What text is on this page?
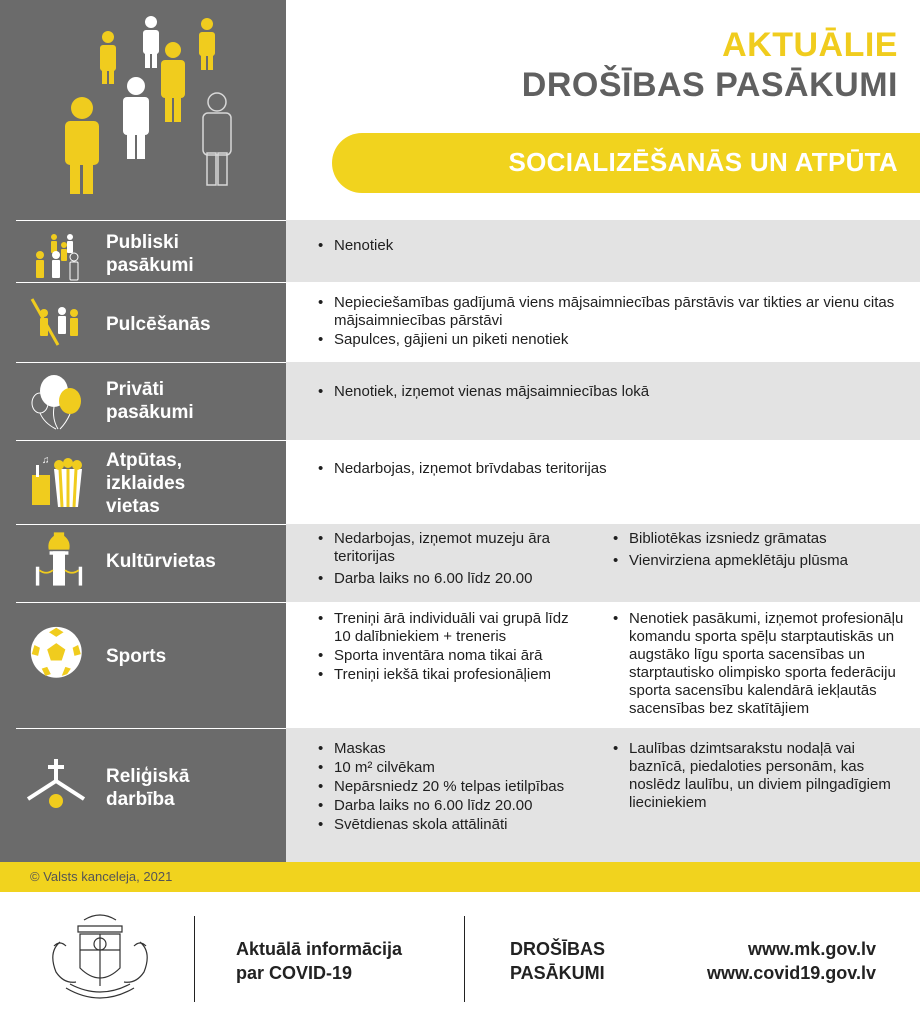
AKTUĀLIE
DROŠĪBAS PASĀKUMI
SOCIALIZĒŠANĀS UN ATPŪTA
Publiski
pasākumi
• Nenotiek
Pulcēšanās
• Nepieciešamības gadījumā viens mājsaimniecības pārstāvis var tikties ar vienu citas mājsaimniecības pārstāvi
• Sapulces, gājieni un piketi nenotiek
Privāti
pasākumi
• Nenotiek, izņemot vienas mājsaimniecības lokā
♫	Atpūtas,
izklaides
vietas
• Nedarbojas, izņemot brīvdabas teritorijas
Kultūrvietas
• Nedarbojas, izņemot muzeju āra teritorijas
• Darba laiks no 6.00 līdz 20.00
• Bibliotēkas izsniedz grāmatas
• Vienvirziena apmeklētāju plūsma
Sports
• Treniņi ārā individuāli vai grupā līdz 10 dalībniekiem + treneris
• Sporta inventāra noma tikai ārā
• Treniņi iekšā tikai profesionāļiem
• Nenotiek pasākumi, izņemot profesionāļu komandu sporta spēļu starptautiskās un augstāko līgu sporta sacensības un starptautisko olimpisko sporta federāciju sporta sacensību kalendārā iekļautās sacensības bez skatītājiem
Reliģiskā
darbība
• Maskas
• 10 m² cilvēkam
• Nepārsniedz 20 % telpas ietilpības
• Darba laiks no 6.00 līdz 20.00
• Svētdienas skola attālināti
• Laulības dzimtsarakstu nodaļā vai baznīcā, piedaloties personām, kas noslēdz laulību, un diviem pilngadīgiem lieciniekiem
© Valsts kanceleja, 2021
Aktuālā informācija
par COVID-19
DROŠĪBAS
PASĀKUMI
www.mk.gov.lv
www.covid19.gov.lv
